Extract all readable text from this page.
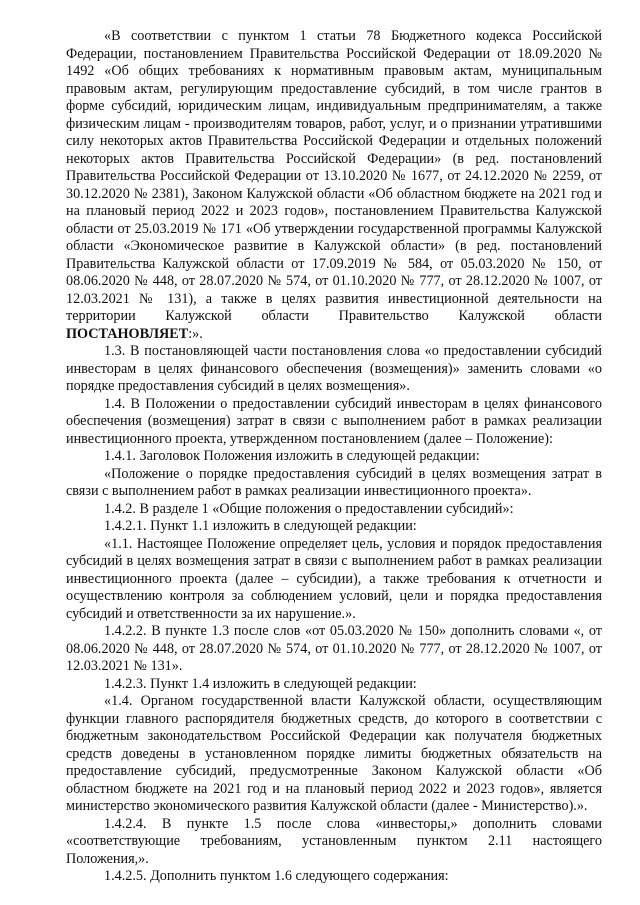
«В соответствии с пунктом 1 статьи 78 Бюджетного кодекса Российской Федерации, постановлением Правительства Российской Федерации от 18.09.2020 № 1492 «Об общих требованиях к нормативным правовым актам, муниципальным правовым актам, регулирующим предоставление субсидий, в том числе грантов в форме субсидий, юридическим лицам, индивидуальным предпринимателям, а также физическим лицам - производителям товаров, работ, услуг, и о признании утратившими силу некоторых актов Правительства Российской Федерации и отдельных положений некоторых актов Правительства Российской Федерации» (в ред. постановлений Правительства Российской Федерации от 13.10.2020 № 1677, от 24.12.2020 № 2259, от 30.12.2020 № 2381), Законом Калужской области «Об областном бюджете на 2021 год и на плановый период 2022 и 2023 годов», постановлением Правительства Калужской области от 25.03.2019 № 171 «Об утверждении государственной программы Калужской области «Экономическое развитие в Калужской области» (в ред. постановлений Правительства Калужской области от 17.09.2019 № 584, от 05.03.2020 № 150, от 08.06.2020 № 448, от 28.07.2020 № 574, от 01.10.2020 № 777, от 28.12.2020 № 1007, от 12.03.2021 № 131), а также в целях развития инвестиционной деятельности на территории Калужской области Правительство Калужской области ПОСТАНОВЛЯЕТ:».

1.3. В постановляющей части постановления слова «о предоставлении субсидий инвесторам в целях финансового обеспечения (возмещения)» заменить словами «о порядке предоставления субсидий в целях возмещения».

1.4. В Положении о предоставлении субсидий инвесторам в целях финансового обеспечения (возмещения) затрат в связи с выполнением работ в рамках реализации инвестиционного проекта, утвержденном постановлением (далее – Положение):

1.4.1. Заголовок Положения изложить в следующей редакции:

«Положение о порядке предоставления субсидий в целях возмещения затрат в связи с выполнением работ в рамках реализации инвестиционного проекта».

1.4.2. В разделе 1 «Общие положения о предоставлении субсидий»:

1.4.2.1. Пункт 1.1 изложить в следующей редакции:

«1.1. Настоящее Положение определяет цель, условия и порядок предоставления субсидий в целях возмещения затрат в связи с выполнением работ в рамках реализации инвестиционного проекта (далее – субсидии), а также требования к отчетности и осуществлению контроля за соблюдением условий, цели и порядка предоставления субсидий и ответственности за их нарушение.».

1.4.2.2. В пункте 1.3 после слов «от 05.03.2020 № 150» дополнить словами «, от 08.06.2020 № 448, от 28.07.2020 № 574, от 01.10.2020 № 777, от 28.12.2020 № 1007, от 12.03.2021 № 131».

1.4.2.3. Пункт 1.4 изложить в следующей редакции:

«1.4. Органом государственной власти Калужской области, осуществляющим функции главного распорядителя бюджетных средств, до которого в соответствии с бюджетным законодательством Российской Федерации как получателя бюджетных средств доведены в установленном порядке лимиты бюджетных обязательств на предоставление субсидий, предусмотренные Законом Калужской области «Об областном бюджете на 2021 год и на плановый период 2022 и 2023 годов», является министерство экономического развития Калужской области (далее - Министерство).».

1.4.2.4. В пункте 1.5 после слова «инвесторы,» дополнить словами «соответствующие требованиям, установленным пунктом 2.11 настоящего Положения,».

1.4.2.5. Дополнить пунктом 1.6 следующего содержания:
